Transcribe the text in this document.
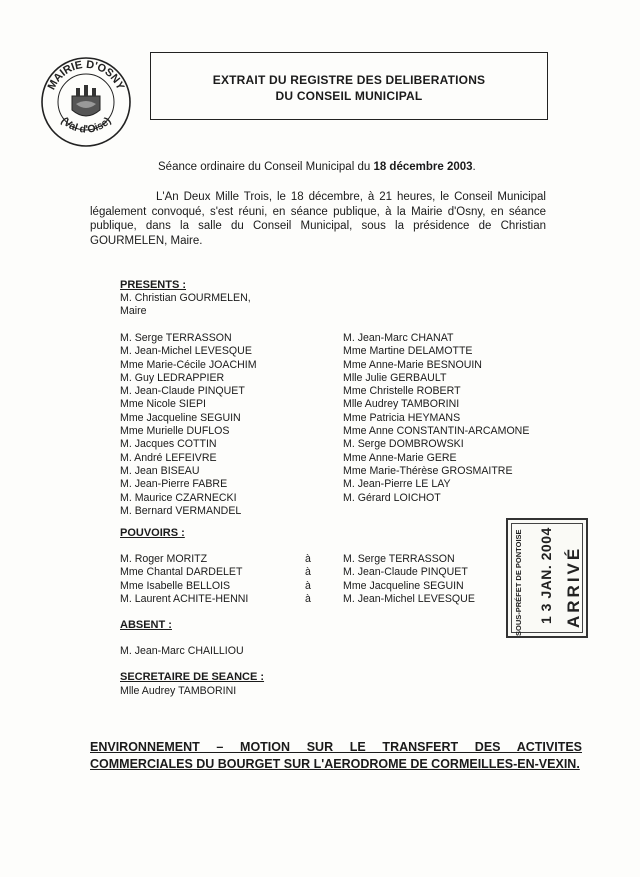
MAIRIE D'OSNY
(Val d'Oise)
EXTRAIT DU REGISTRE DES DELIBERATIONS
DU CONSEIL MUNICIPAL
Séance ordinaire du Conseil Municipal du 18 décembre 2003.
L'An Deux Mille Trois, le 18 décembre, à 21 heures, le Conseil Municipal légalement convoqué, s'est réuni, en séance publique, à la Mairie d'Osny, en séance publique, dans la salle du Conseil Municipal, sous la présidence de Christian GOURMELEN, Maire.
PRESENTS :
M. Christian GOURMELEN,
Maire
M. Serge TERRASSON
M. Jean-Michel LEVESQUE
Mme Marie-Cécile JOACHIM
M. Guy LEDRAPPIER
M. Jean-Claude PINQUET
Mme Nicole SIEPI
Mme Jacqueline SEGUIN
Mme Murielle DUFLOS
M. Jacques COTTIN
M. André LEFEIVRE
M. Jean BISEAU
M. Jean-Pierre FABRE
M. Maurice CZARNECKI
M. Bernard VERMANDEL
M. Jean-Marc CHANAT
Mme Martine DELAMOTTE
Mme Anne-Marie BESNOUIN
Mlle Julie GERBAULT
Mme Christelle ROBERT
Mlle Audrey TAMBORINI
Mme Patricia HEYMANS
Mme Anne CONSTANTIN-ARCAMONE
M. Serge DOMBROWSKI
Mme Anne-Marie GERE
Mme Marie-Thérèse GROSMAITRE
M. Jean-Pierre LE LAY
M. Gérard LOICHOT
POUVOIRS :
M. Roger MORITZ
Mme Chantal DARDELET
Mme Isabelle BELLOIS
M. Laurent ACHITE-HENNI
à
à
à
à
M. Serge TERRASSON
M. Jean-Claude PINQUET
Mme Jacqueline SEGUIN
M. Jean-Michel LEVESQUE
ABSENT :
M. Jean-Marc CHAILLIOU
SECRETAIRE DE SEANCE :
Mlle Audrey TAMBORINI
SOUS-PRÉFET DE PONTOISE 1 3 JAN. 2004 ARRIVÉ
ENVIRONNEMENT – MOTION SUR LE TRANSFERT DES ACTIVITES COMMERCIALES DU BOURGET SUR L'AERODROME DE CORMEILLES-EN-VEXIN.
